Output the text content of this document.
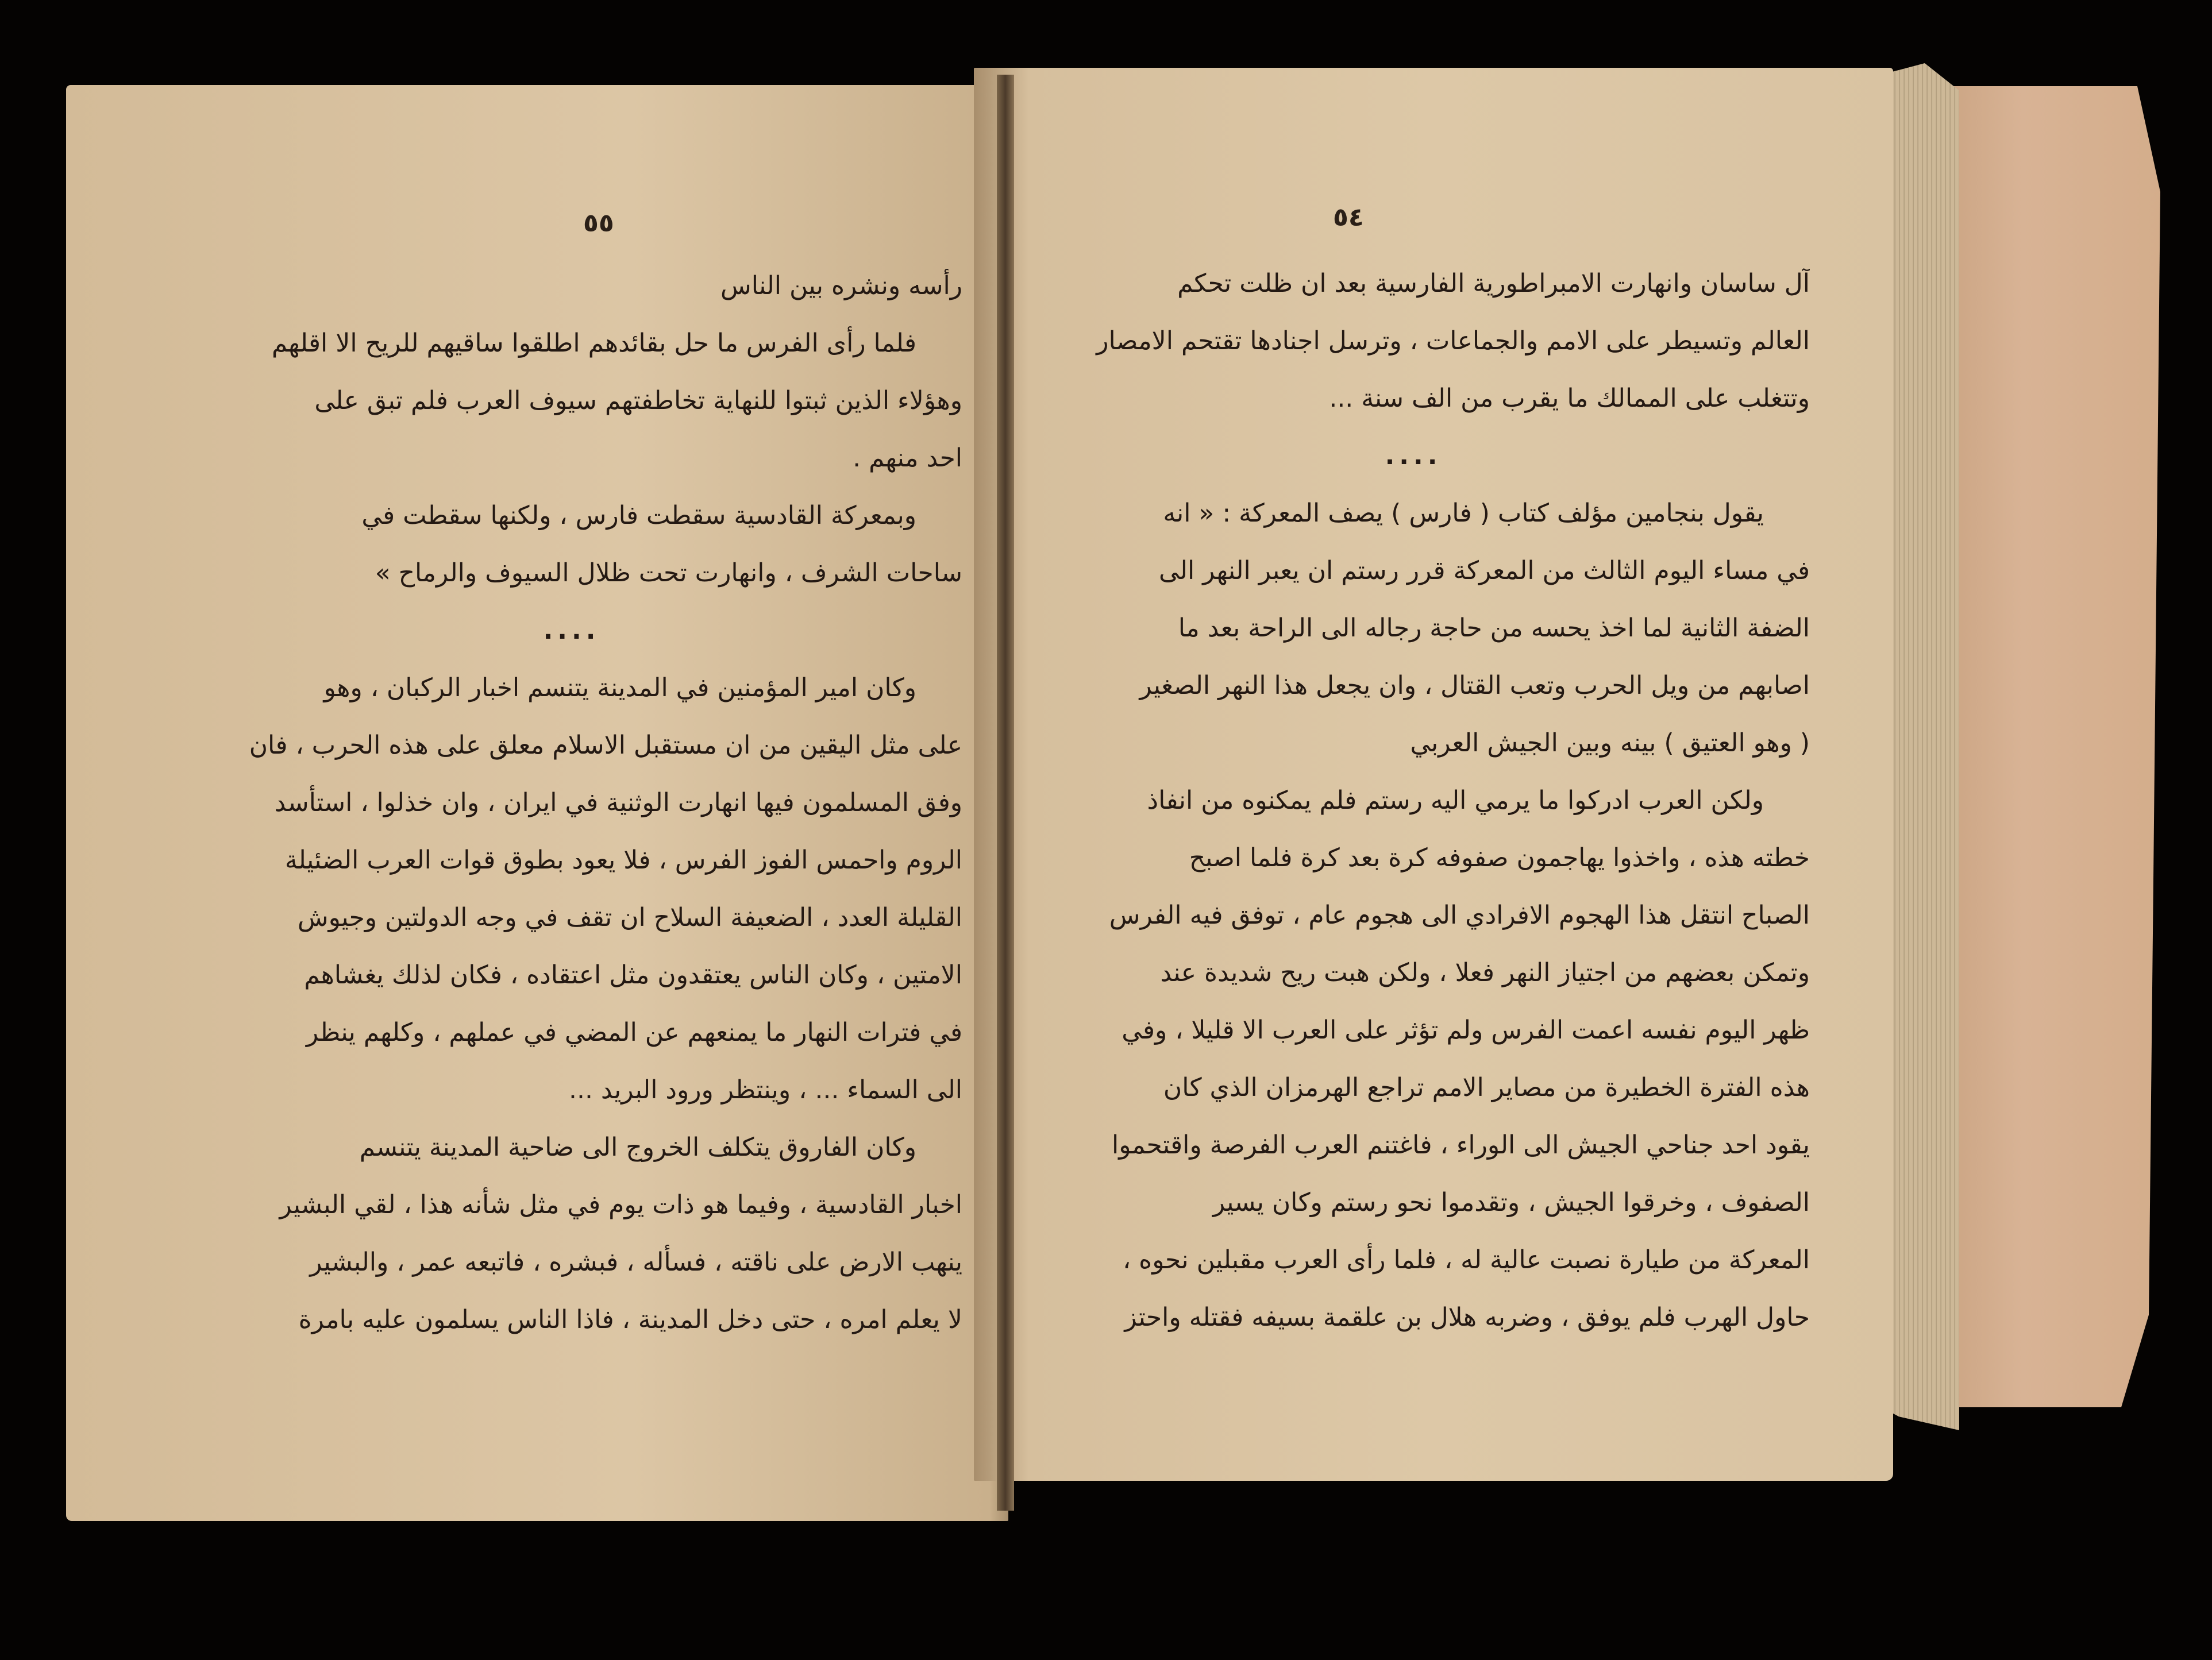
٥٥
رأسه ونشره بين الناس
فلما رأى الفرس ما حل بقائدهم اطلقوا ساقيهم للريح الا اقلهم
وهؤلاء الذين ثبتوا للنهاية تخاطفتهم سيوف العرب فلم تبق على
احد منهم .
وبمعركة القادسية سقطت فارس ، ولكنها سقطت في
ساحات الشرف ، وانهارت تحت ظلال السيوف والرماح »
....
وكان امير المؤمنين في المدينة يتنسم اخبار الركبان ، وهو
على مثل اليقين من ان مستقبل الاسلام معلق على هذه الحرب ، فان
وفق المسلمون فيها انهارت الوثنية في ايران ، وان خذلوا ، استأسد
الروم واحمس الفوز الفرس ، فلا يعود بطوق قوات العرب الضئيلة
القليلة العدد ، الضعيفة السلاح ان تقف في وجه الدولتين وجيوش
الامتين ، وكان الناس يعتقدون مثل اعتقاده ، فكان لذلك يغشاهم
في فترات النهار ما يمنعهم عن المضي في عملهم ، وكلهم ينظر
الى السماء ... ، وينتظر ورود البريد ...
وكان الفاروق يتكلف الخروج الى ضاحية المدينة يتنسم
اخبار القادسية ، وفيما هو ذات يوم في مثل شأنه هذا ، لقي البشير
ينهب الارض على ناقته ، فسأله ، فبشره ، فاتبعه عمر ، والبشير
لا يعلم امره ، حتى دخل المدينة ، فاذا الناس يسلمون عليه بامرة
٥٤
آل ساسان وانهارت الامبراطورية الفارسية بعد ان ظلت تحكم
العالم وتسيطر على الامم والجماعات ، وترسل اجنادها تقتحم الامصار
وتتغلب على الممالك ما يقرب من الف سنة ...
....
يقول بنجامين مؤلف كتاب ( فارس ) يصف المعركة : « انه
في مساء اليوم الثالث من المعركة قرر رستم ان يعبر النهر الى
الضفة الثانية لما اخذ يحسه من حاجة رجاله الى الراحة بعد ما
اصابهم من ويل الحرب وتعب القتال ، وان يجعل هذا النهر الصغير
( وهو العتيق ) بينه وبين الجيش العربي
ولكن العرب ادركوا ما يرمي اليه رستم فلم يمكنوه من انفاذ
خطته هذه ، واخذوا يهاجمون صفوفه كرة بعد كرة فلما اصبح
الصباح انتقل هذا الهجوم الافرادي الى هجوم عام ، توفق فيه الفرس
وتمكن بعضهم من اجتياز النهر فعلا ، ولكن هبت ريح شديدة عند
ظهر اليوم نفسه اعمت الفرس ولم تؤثر على العرب الا قليلا ، وفي
هذه الفترة الخطيرة من مصاير الامم تراجع الهرمزان الذي كان
يقود احد جناحي الجيش الى الوراء ، فاغتنم العرب الفرصة واقتحموا
الصفوف ، وخرقوا الجيش ، وتقدموا نحو رستم وكان يسير
المعركة من طيارة نصبت عالية له ، فلما رأى العرب مقبلين نحوه ،
حاول الهرب فلم يوفق ، وضربه هلال بن علقمة بسيفه فقتله واحتز
